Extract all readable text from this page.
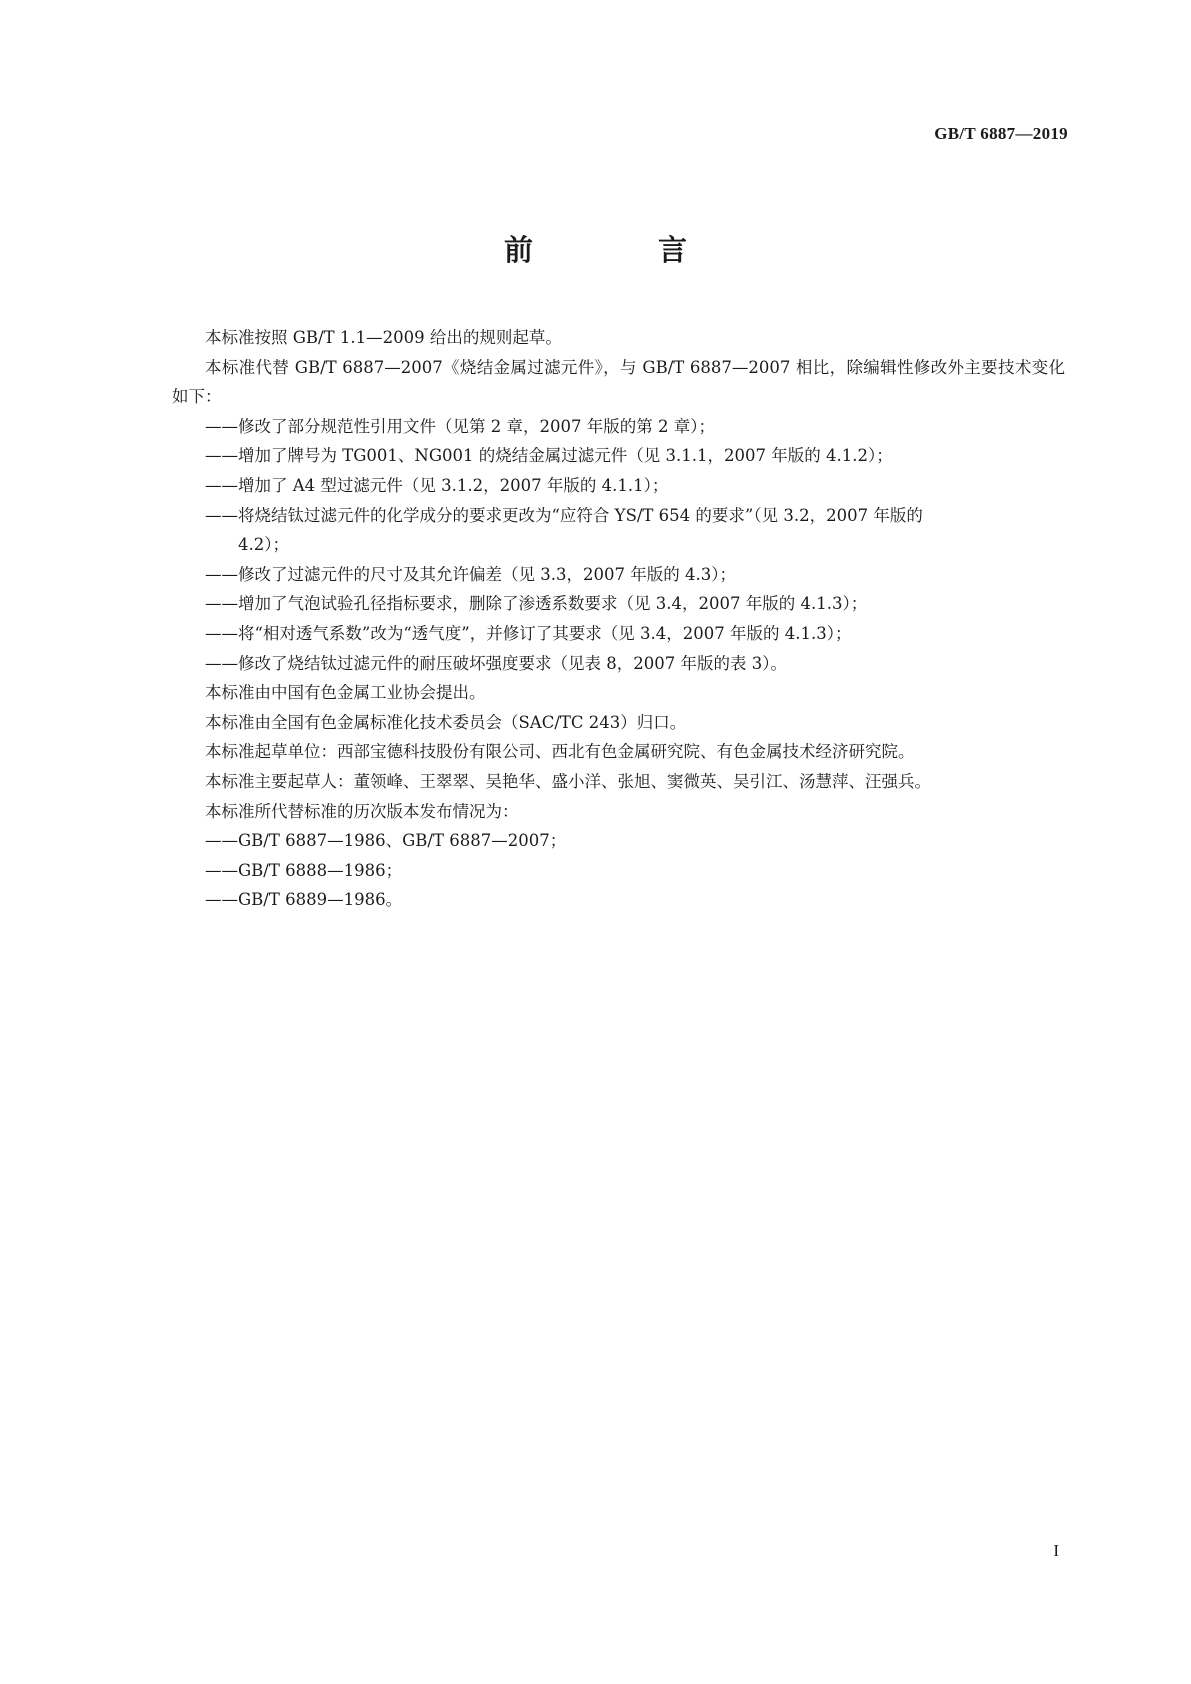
GB/T 6887—2019
前　言

本标准按照 GB/T 1.1—2009 给出的规则起草。

本标准代替 GB/T 6887—2007《烧结金属过滤元件》，与 GB/T 6887—2007 相比，除编辑性修改外主要技术变化如下：

——修改了部分规范性引用文件（见第 2 章，2007 年版的第 2 章）；

——增加了牌号为 TG001、NG001 的烧结金属过滤元件（见 3.1.1，2007 年版的 4.1.2）；

——增加了 A4 型过滤元件（见 3.1.2，2007 年版的 4.1.1）；

——将烧结钛过滤元件的化学成分的要求更改为“应符合 YS/T 654 的要求”（见 3.2，2007 年版的
4.2）；

——修改了过滤元件的尺寸及其允许偏差（见 3.3，2007 年版的 4.3）；

——增加了气泡试验孔径指标要求，删除了渗透系数要求（见 3.4，2007 年版的 4.1.3）；

——将“相对透气系数”改为“透气度”，并修订了其要求（见 3.4，2007 年版的 4.1.3）；

——修改了烧结钛过滤元件的耐压破坏强度要求（见表 8，2007 年版的表 3）。

本标准由中国有色金属工业协会提出。

本标准由全国有色金属标准化技术委员会（SAC/TC 243）归口。

本标准起草单位：西部宝德科技股份有限公司、西北有色金属研究院、有色金属技术经济研究院。

本标准主要起草人：董领峰、王翠翠、吴艳华、盛小洋、张旭、窦微英、吴引江、汤慧萍、汪强兵。

本标准所代替标准的历次版本发布情况为：

——GB/T 6887—1986、GB/T 6887—2007；

——GB/T 6888—1986；

——GB/T 6889—1986。

I
